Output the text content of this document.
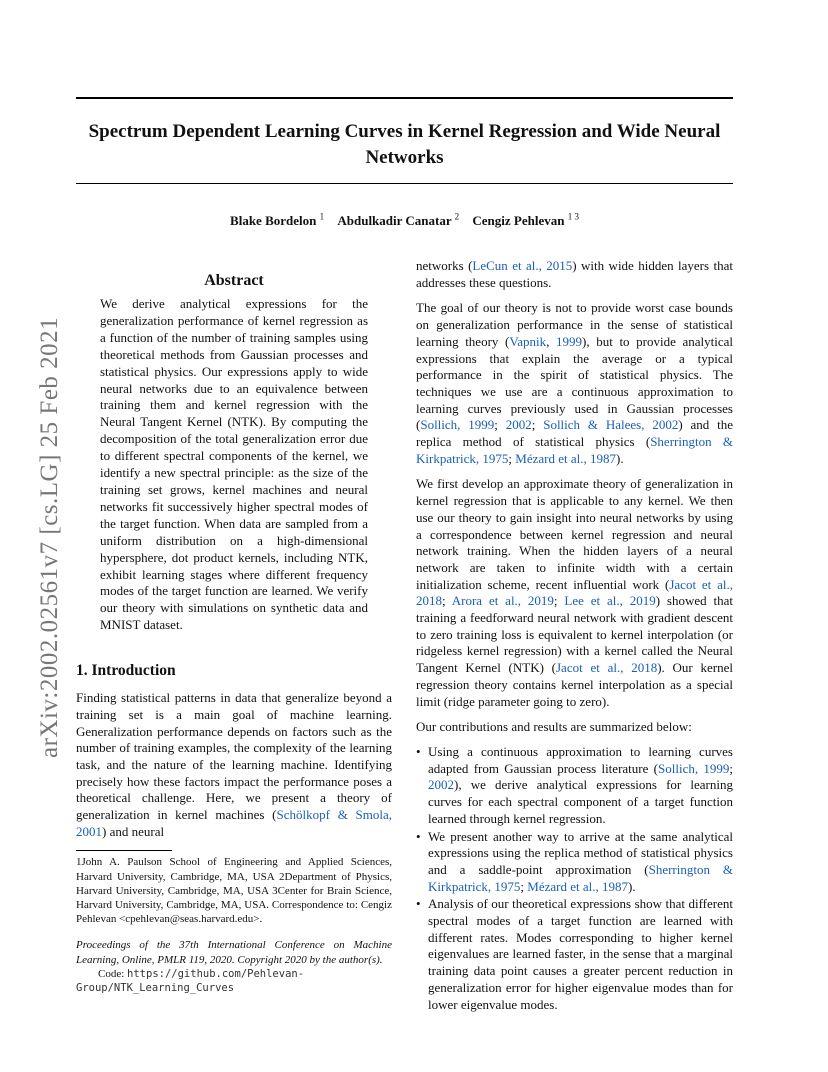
arXiv:2002.02561v7 [cs.LG] 25 Feb 2021
Spectrum Dependent Learning Curves in Kernel Regression and Wide Neural Networks
Blake Bordelon $^1$ Abdulkadir Canatar $^2$ Cengiz Pehlevan $^{1 3}$
Abstract

We derive analytical expressions for the generalization performance of kernel regression as a function of the number of training samples using theoretical methods from Gaussian processes and statistical physics. Our expressions apply to wide neural networks due to an equivalence between training them and kernel regression with the Neural Tangent Kernel (NTK). By computing the decomposition of the total generalization error due to different spectral components of the kernel, we identify a new spectral principle: as the size of the training set grows, kernel machines and neural networks fit successively higher spectral modes of the target function. When data are sampled from a uniform distribution on a high-dimensional hypersphere, dot product kernels, including NTK, exhibit learning stages where different frequency modes of the target function are learned. We verify our theory with simulations on synthetic data and MNIST dataset.

1. Introduction

Finding statistical patterns in data that generalize beyond a training set is a main goal of machine learning. Generalization performance depends on factors such as the number of training examples, the complexity of the learning task, and the nature of the learning machine. Identifying precisely how these factors impact the performance poses a theoretical challenge. Here, we present a theory of generalization in kernel machines (Schölkopf & Smola, 2001) and neural

1John A. Paulson School of Engineering and Applied Sciences, Harvard University, Cambridge, MA, USA 2Department of Physics, Harvard University, Cambridge, MA, USA 3Center for Brain Science, Harvard University, Cambridge, MA, USA. Correspondence to: Cengiz Pehlevan <cpehlevan@seas.harvard.edu>.

Proceedings of the 37th International Conference on Machine Learning, Online, PMLR 119, 2020. Copyright 2020 by the author(s).

Code: https://github.com/Pehlevan-Group/NTK_Learning_Curves

networks (LeCun et al., 2015) with wide hidden layers that addresses these questions.

The goal of our theory is not to provide worst case bounds on generalization performance in the sense of statistical learning theory (Vapnik, 1999), but to provide analytical expressions that explain the average or a typical performance in the spirit of statistical physics. The techniques we use are a continuous approximation to learning curves previously used in Gaussian processes (Sollich, 1999; 2002; Sollich & Halees, 2002) and the replica method of statistical physics (Sherrington & Kirkpatrick, 1975; Mézard et al., 1987).

We first develop an approximate theory of generalization in kernel regression that is applicable to any kernel. We then use our theory to gain insight into neural networks by using a correspondence between kernel regression and neural network training. When the hidden layers of a neural network are taken to infinite width with a certain initialization scheme, recent influential work (Jacot et al., 2018; Arora et al., 2019; Lee et al., 2019) showed that training a feedforward neural network with gradient descent to zero training loss is equivalent to kernel interpolation (or ridgeless kernel regression) with a kernel called the Neural Tangent Kernel (NTK) (Jacot et al., 2018). Our kernel regression theory contains kernel interpolation as a special limit (ridge parameter going to zero).

Our contributions and results are summarized below:

• Using a continuous approximation to learning curves adapted from Gaussian process literature (Sollich, 1999; 2002), we derive analytical expressions for learning curves for each spectral component of a target function learned through kernel regression.
• We present another way to arrive at the same analytical expressions using the replica method of statistical physics and a saddle-point approximation (Sherrington & Kirkpatrick, 1975; Mézard et al., 1987).
• Analysis of our theoretical expressions show that different spectral modes of a target function are learned with different rates. Modes corresponding to higher kernel eigenvalues are learned faster, in the sense that a marginal training data point causes a greater percent reduction in generalization error for higher eigenvalue modes than for lower eigenvalue modes.
